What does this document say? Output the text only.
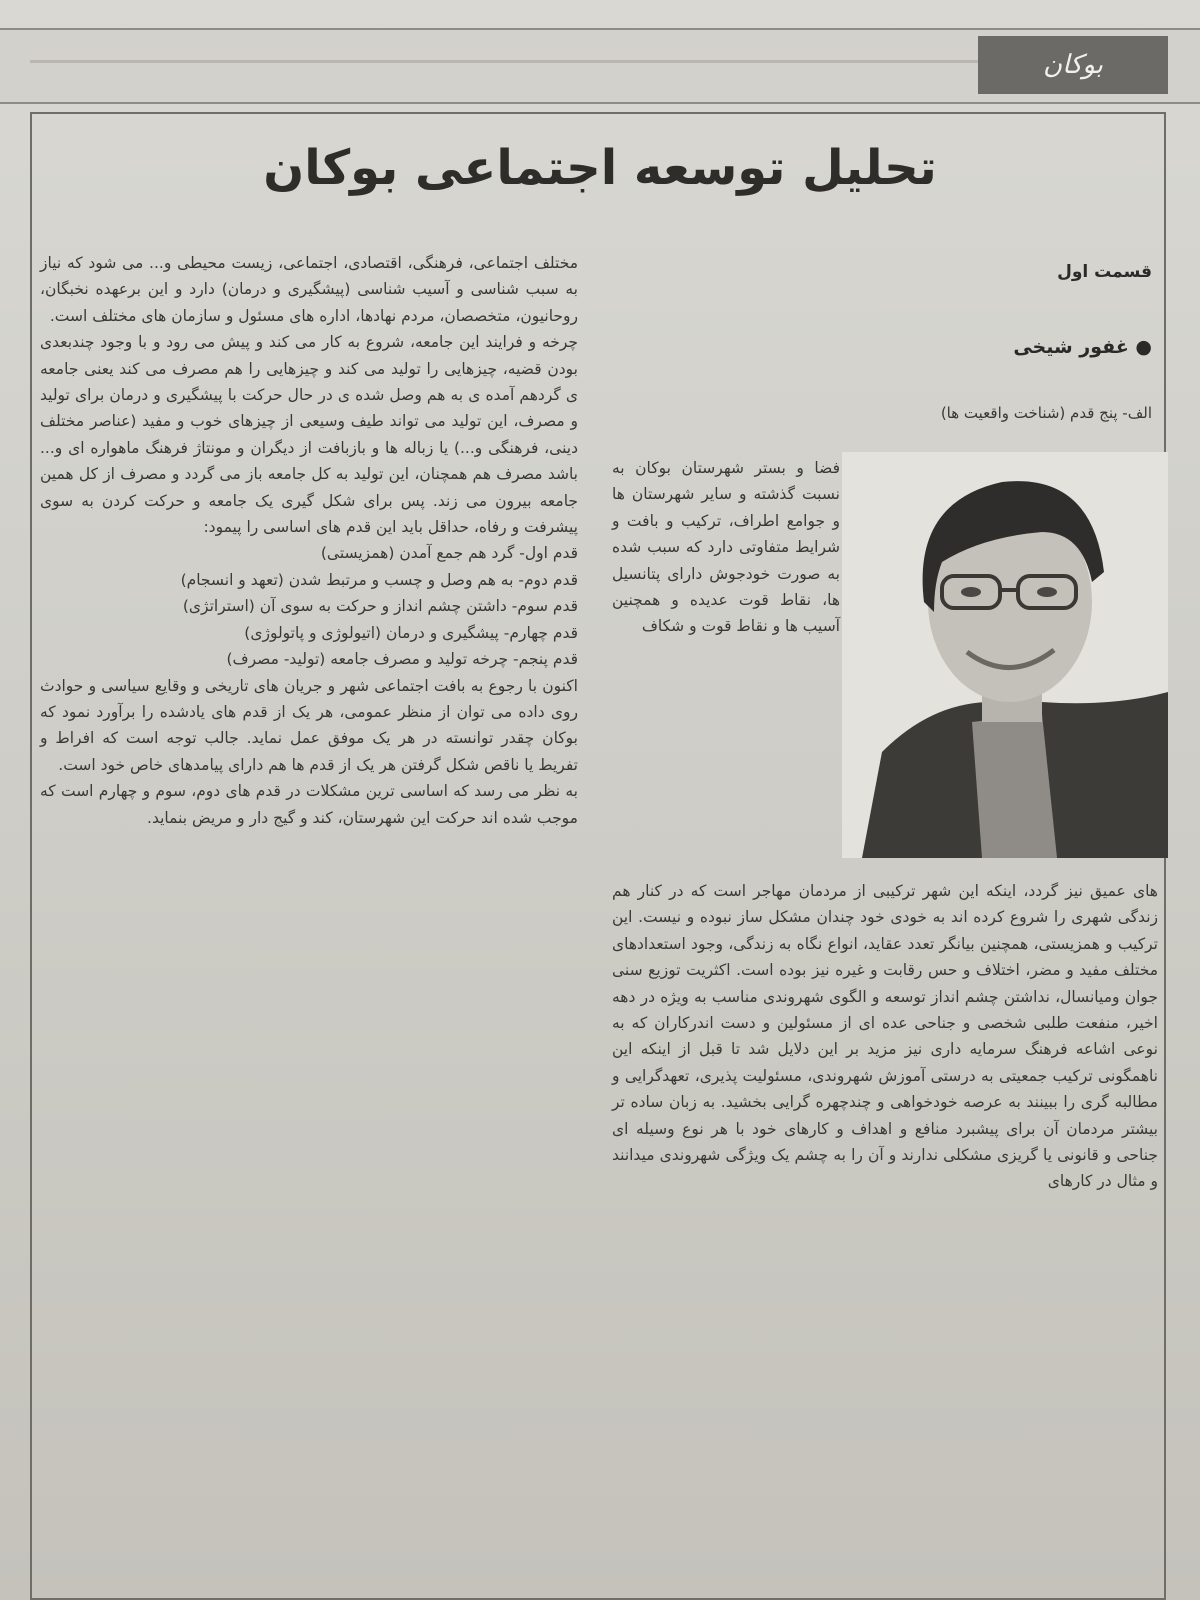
بوکان
تحلیل توسعه اجتماعی بوکان
قسمت اول
● غفور شیخی
الف- پنج قدم (شناخت واقعیت ها)

فضا و بستر شهرستان بوکان به نسبت گذشته و سایر شهرستان ها و جوامع اطراف، ترکیب و بافت و شرایط متفاوتی دارد که سبب شده به صورت خودجوش دارای پتانسیل ها، نقاط قوت عدیده و همچنین آسیب ها و نقاط قوت و شکاف

های عمیق نیز گردد، اینکه این شهر ترکیبی از مردمان مهاجر است که در کنار هم زندگی شهری را شروع کرده اند به خودی خود چندان مشکل ساز نبوده و نیست. این ترکیب و همزیستی، همچنین بیانگر تعدد عقاید، انواع نگاه به زندگی، وجود استعدادهای مختلف مفید و مضر، اختلاف و حس رقابت و غیره نیز بوده است. اکثریت توزیع سنی جوان ومیانسال، نداشتن چشم انداز توسعه و الگوی شهروندی مناسب به ویژه در دهه اخیر، منفعت طلبی شخصی و جناحی عده ای از مسئولین و دست اندرکاران که به نوعی اشاعه فرهنگ سرمایه داری نیز مزید بر این دلایل شد تا قبل از اینکه این ناهمگونی ترکیب جمعیتی به درستی آموزش شهروندی، مسئولیت پذیری، تعهدگرایی و مطالبه گری را ببینند به عرصه خودخواهی و چندچهره گرایی بخشید. به زبان ساده تر بیشتر مردمان آن برای پیشبرد منافع و اهداف و کارهای خود با هر نوع وسیله ای جناحی و قانونی یا گریزی مشکلی ندارند و آن را به چشم یک ویژگی شهروندی میدانند و مثال در کارهای

مختلف اجتماعی، فرهنگی، اقتصادی، اجتماعی، زیست محیطی و... می شود که نیاز به سبب شناسی و آسیب شناسی (پیشگیری و درمان) دارد و این برعهده نخبگان، روحانیون، متخصصان، مردم نهادها، اداره های مسئول و سازمان های مختلف است.

چرخه و فرایند این جامعه، شروع به کار می کند و پیش می رود و با وجود چندبعدی بودن قضیه، چیزهایی را تولید می کند و چیزهایی را هم مصرف می کند یعنی جامعه ی گردهم آمده ی به هم وصل شده ی در حال حرکت با پیشگیری و درمان برای تولید و مصرف، این تولید می تواند طیف وسیعی از چیزهای خوب و مفید (عناصر مختلف دینی، فرهنگی و...) یا زباله ها و بازبافت از دیگران و مونتاژ فرهنگ ماهواره ای و... باشد مصرف هم همچنان، این تولید به کل جامعه باز می گردد و مصرف از کل همین جامعه بیرون می زند. پس برای شکل گیری یک جامعه و حرکت کردن به سوی پیشرفت و رفاه، حداقل باید این قدم های اساسی را پیمود:

قدم اول- گرد هم جمع آمدن (همزیستی)

قدم دوم- به هم وصل و چسب و مرتبط شدن (تعهد و انسجام)

قدم سوم- داشتن چشم انداز و حرکت به سوی آن (استراتژی)

قدم چهارم- پیشگیری و درمان (اتیولوژی و پاتولوژی)

قدم پنجم- چرخه تولید و مصرف جامعه (تولید- مصرف)

اکنون با رجوع به بافت اجتماعی شهر و جریان های تاریخی و وقایع سیاسی و حوادث روی داده می توان از منظر عمومی، هر یک از قدم های یادشده را برآورد نمود که بوکان چقدر توانسته در هر یک موفق عمل نماید. جالب توجه است که افراط و تفریط یا ناقص شکل گرفتن هر یک از قدم ها هم دارای پیامدهای خاص خود است.

به نظر می رسد که اساسی ترین مشکلات در قدم های دوم، سوم و چهارم است که موجب شده اند حرکت این شهرستان، کند و گیج دار و مریض بنماید.
